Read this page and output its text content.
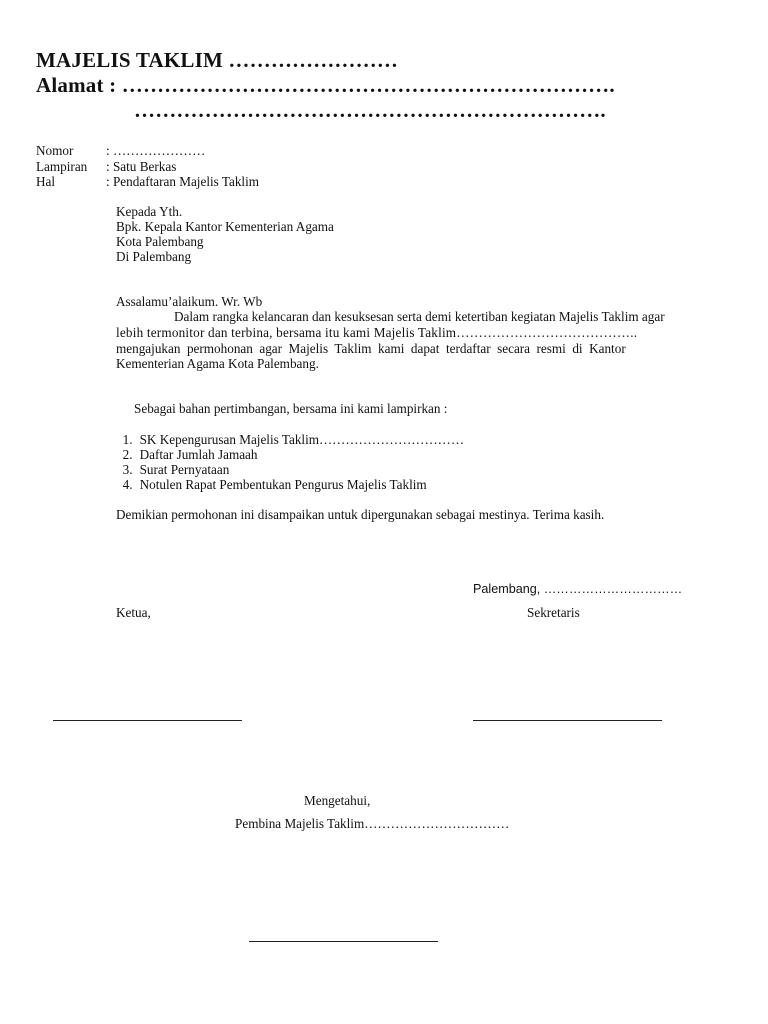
MAJELIS TAKLIM ……………………
Alamat : …………………………………………………………….
………………………………………………………….
Nomor : …………………
Lampiran : Satu Berkas
Hal	: Pendaftaran Majelis Taklim
Kepada Yth.
Bpk. Kepala Kantor Kementerian Agama
Kota Palembang
Di Palembang
Assalamu’alaikum. Wr. Wb
Dalam rangka kelancaran dan kesuksesan serta demi ketertiban kegiatan Majelis Taklim agar
lebih termonitor dan terbina, bersama itu kami Majelis Taklim…………………………………..
mengajukan permohonan agar Majelis Taklim kami dapat terdaftar secara resmi di Kantor
Kementerian Agama Kota Palembang.
Sebagai bahan pertimbangan, bersama ini kami lampirkan :

1. SK Kepengurusan Majelis Taklim……………………………

2. Daftar Jumlah Jamaah

3. Surat Pernyataan

4. Notulen Rapat Pembentukan Pengurus Majelis Taklim

Demikian permohonan ini disampaikan untuk dipergunakan sebagai mestinya. Terima kasih.
Palembang, ……………………………
Ketua,	Sekretaris
Mengetahui,
Pembina Majelis Taklim……………………………
